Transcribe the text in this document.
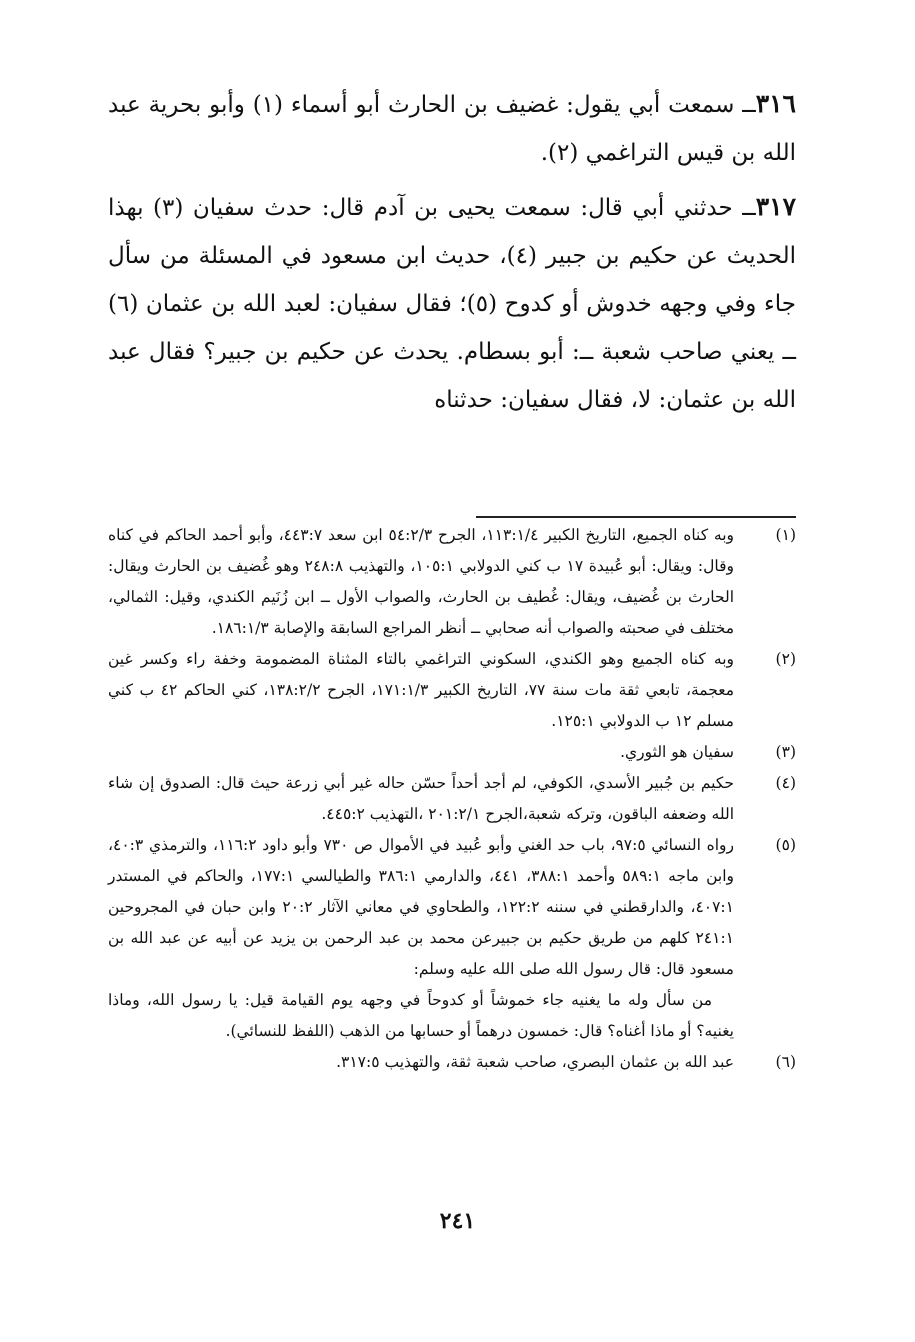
٣١٦ــ سمعت أبي يقول: غضيف بن الحارث أبو أسماء (١) وأبو بحرية عبد الله بن قيس التراغمي (٢).

٣١٧ــ حدثني أبي قال: سمعت يحيى بن آدم قال: حدث سفيان (٣) بهذا الحديث عن حكيم بن جبير (٤)، حديث ابن مسعود في المسئلة من سأل جاء وفي وجهه خدوش أو كدوح (٥)؛ فقال سفيان: لعبد الله بن عثمان (٦) ــ يعني صاحب شعبة ــ: أبو بسطام. يحدث عن حكيم بن جبير؟ فقال عبد الله بن عثمان: لا، فقال سفيان: حدثناه

(١)
وبه كناه الجميع، التاريخ الكبير ١١٣:١/٤، الجرح ٥٤:٢/٣ ابن سعد ٤٤٣:٧، وأبو أحمد الحاكم في كناه وقال: ويقال: أبو عُبيدة ١٧ ب كني الدولابي ١٠٥:١، والتهذيب ٢٤٨:٨ وهو غُضيف بن الحارث ويقال: الحارث بن غُضيف، ويقال: غُطيف بن الحارث، والصواب الأول ــ ابن زُنَيم الكندي، وقيل: الثمالي، مختلف في صحبته والصواب أنه صحابي ــ أنظر المراجع السابقة والإصابة ١٨٦:١/٣.
(٢)
وبه كناه الجميع وهو الكندي، السكوني التراغمي بالتاء المثناة المضمومة وخفة راء وكسر غين معجمة، تابعي ثقة مات سنة ٧٧، التاريخ الكبير ١٧١:١/٣، الجرح ١٣٨:٢/٢، كني الحاكم ٤٢ ب كني مسلم ١٢ ب الدولابي ١٢٥:١.
(٣)
سفيان هو الثوري.
(٤)
حكيم بن جُبير الأسدي، الكوفي، لم أجد أحداً حسّن حاله غير أبي زرعة حيث قال: الصدوق إن شاء الله وضعفه الباقون، وتركه شعبة،الجرح ٢٠١:٢/١ ،التهذيب ٤٤٥:٢.
(٥)
رواه النسائي ٩٧:٥، باب حد الغني وأبو عُبيد في الأموال ص ٧٣٠ وأبو داود ١١٦:٢، والترمذي ٤٠:٣، وابن ماجه ٥٨٩:١ وأحمد ٣٨٨:١، ٤٤١، والدارمي ٣٨٦:١ والطيالسي ١٧٧:١، والحاكم في المستدر ٤٠٧:١، والدارقطني في سننه ١٢٢:٢، والطحاوي في معاني الآثار ٢٠:٢ وابن حبان في المجروحين ٢٤١:١ كلهم من طريق حكيم بن جبيرعن محمد بن عبد الرحمن بن يزيد عن أبيه عن عبد الله بن مسعود قال: قال رسول الله صلى الله عليه وسلم:
من سأل وله ما يغنيه جاء خموشاً أو كدوحاً في وجهه يوم القيامة قيل: يا رسول الله، وماذا يغنيه؟ أو ماذا أغناه؟ قال: خمسون درهماً أو حسابها من الذهب (اللفظ للنسائي).
(٦)
عبد الله بن عثمان البصري، صاحب شعبة ثقة، والتهذيب ٣١٧:٥.
٢٤١
